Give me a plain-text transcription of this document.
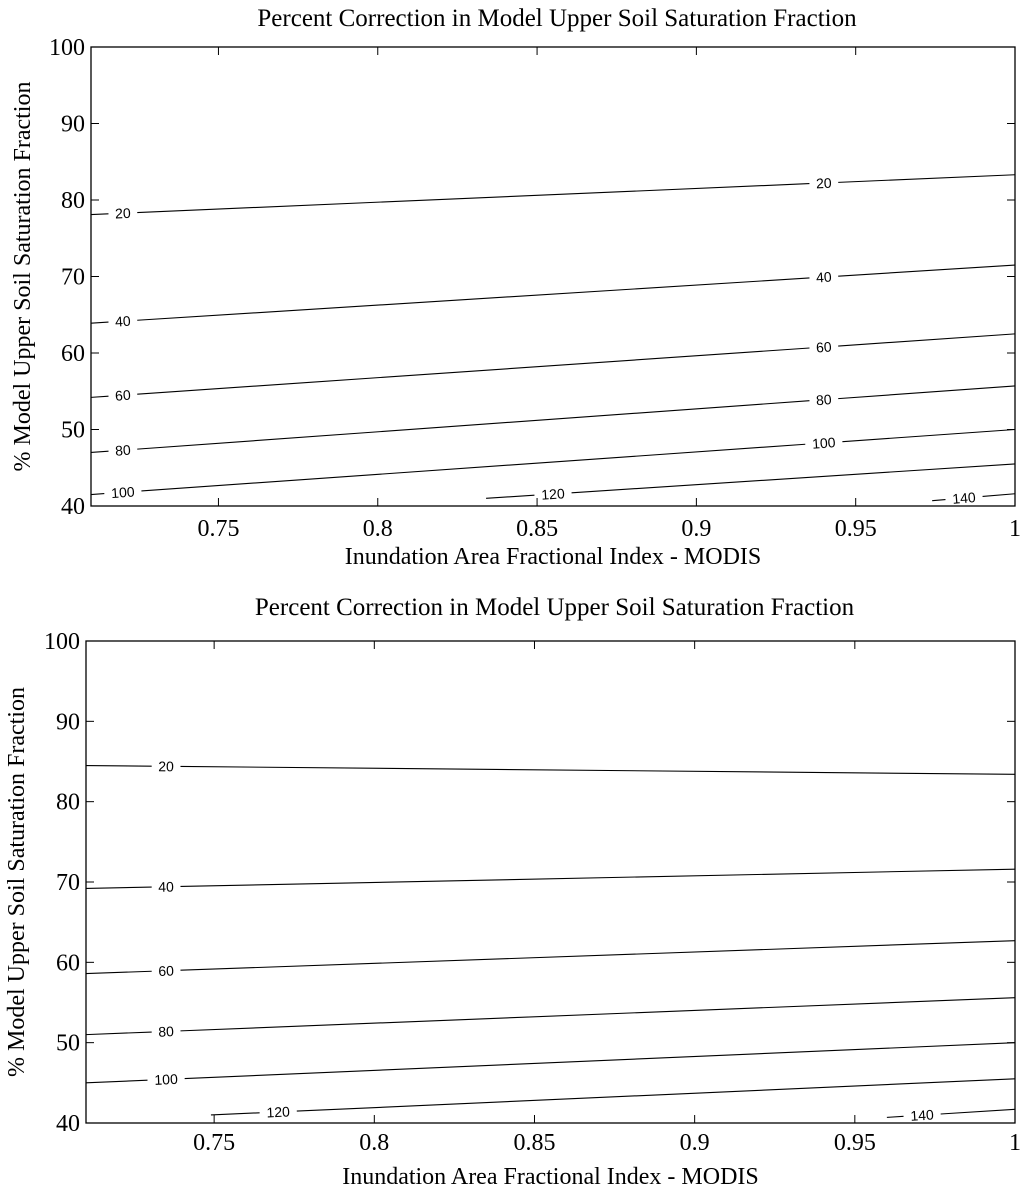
Percent Correction in Model Upper Soil Saturation Fraction
0.75	0.8	0.85	0.9	0.95	1
40
50
60
70
80
90
100
Inundation Area Fractional Index - MODIS
% Model Upper Soil Saturation Fraction	20
20
40
40
60
60
80
80
100
100
120	140
Percent Correction in Model Upper Soil Saturation Fraction
0.75	0.8	0.85	0.9	0.95	1
40
50
60
70
80
90
100
Inundation Area Fractional Index - MODIS
% Model Upper Soil Saturation Fraction	20
40
60
80
100
120	140
